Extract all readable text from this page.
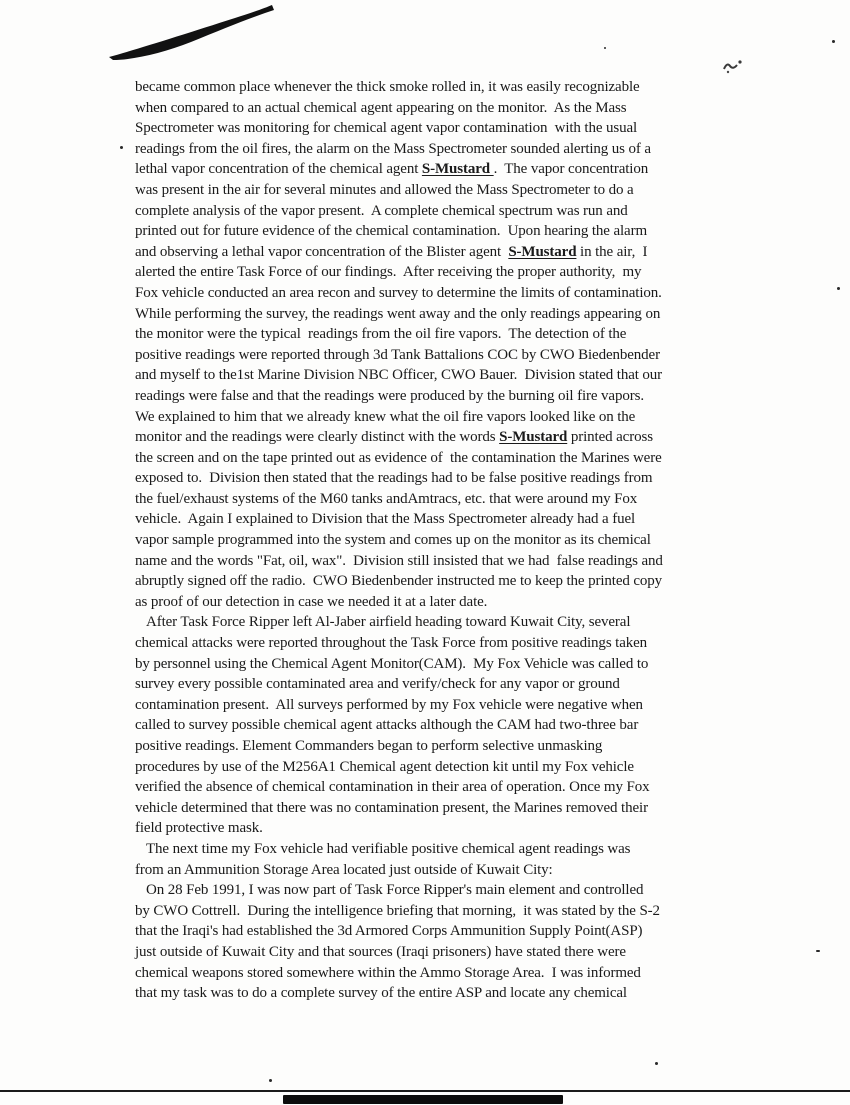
became common place whenever the thick smoke rolled in, it was easily recognizable
when compared to an actual chemical agent appearing on the monitor.  As the Mass
Spectrometer was monitoring for chemical agent vapor contamination  with the usual
readings from the oil fires, the alarm on the Mass Spectrometer sounded alerting us of a
lethal vapor concentration of the chemical agent S-Mustard .  The vapor concentration
was present in the air for several minutes and allowed the Mass Spectrometer to do a
complete analysis of the vapor present.  A complete chemical spectrum was run and
printed out for future evidence of the chemical contamination.  Upon hearing the alarm
and observing a lethal vapor concentration of the Blister agent  S-Mustard in the air,  I
alerted the entire Task Force of our findings.  After receiving the proper authority,  my
Fox vehicle conducted an area recon and survey to determine the limits of contamination.
While performing the survey, the readings went away and the only readings appearing on
the monitor were the typical  readings from the oil fire vapors.  The detection of the
positive readings were reported through 3d Tank Battalions COC by CWO Biedenbender
and myself to the1st Marine Division NBC Officer, CWO Bauer.  Division stated that our
readings were false and that the readings were produced by the burning oil fire vapors.
We explained to him that we already knew what the oil fire vapors looked like on the
monitor and the readings were clearly distinct with the words S-Mustard printed across
the screen and on the tape printed out as evidence of  the contamination the Marines were
exposed to.  Division then stated that the readings had to be false positive readings from
the fuel/exhaust systems of the M60 tanks andAmtracs, etc. that were around my Fox
vehicle.  Again I explained to Division that the Mass Spectrometer already had a fuel
vapor sample programmed into the system and comes up on the monitor as its chemical
name and the words "Fat, oil, wax".  Division still insisted that we had  false readings and
abruptly signed off the radio.  CWO Biedenbender instructed me to keep the printed copy
as proof of our detection in case we needed it at a later date.
After Task Force Ripper left Al-Jaber airfield heading toward Kuwait City, several
chemical attacks were reported throughout the Task Force from positive readings taken
by personnel using the Chemical Agent Monitor(CAM).  My Fox Vehicle was called to
survey every possible contaminated area and verify/check for any vapor or ground
contamination present.  All surveys performed by my Fox vehicle were negative when
called to survey possible chemical agent attacks although the CAM had two-three bar
positive readings. Element Commanders began to perform selective unmasking
procedures by use of the M256A1 Chemical agent detection kit until my Fox vehicle
verified the absence of chemical contamination in their area of operation. Once my Fox
vehicle determined that there was no contamination present, the Marines removed their
field protective mask.
The next time my Fox vehicle had verifiable positive chemical agent readings was
from an Ammunition Storage Area located just outside of Kuwait City:
On 28 Feb 1991, I was now part of Task Force Ripper's main element and controlled
by CWO Cottrell.  During the intelligence briefing that morning,  it was stated by the S-2
that the Iraqi's had established the 3d Armored Corps Ammunition Supply Point(ASP)
just outside of Kuwait City and that sources (Iraqi prisoners) have stated there were
chemical weapons stored somewhere within the Ammo Storage Area.  I was informed
that my task was to do a complete survey of the entire ASP and locate any chemical
